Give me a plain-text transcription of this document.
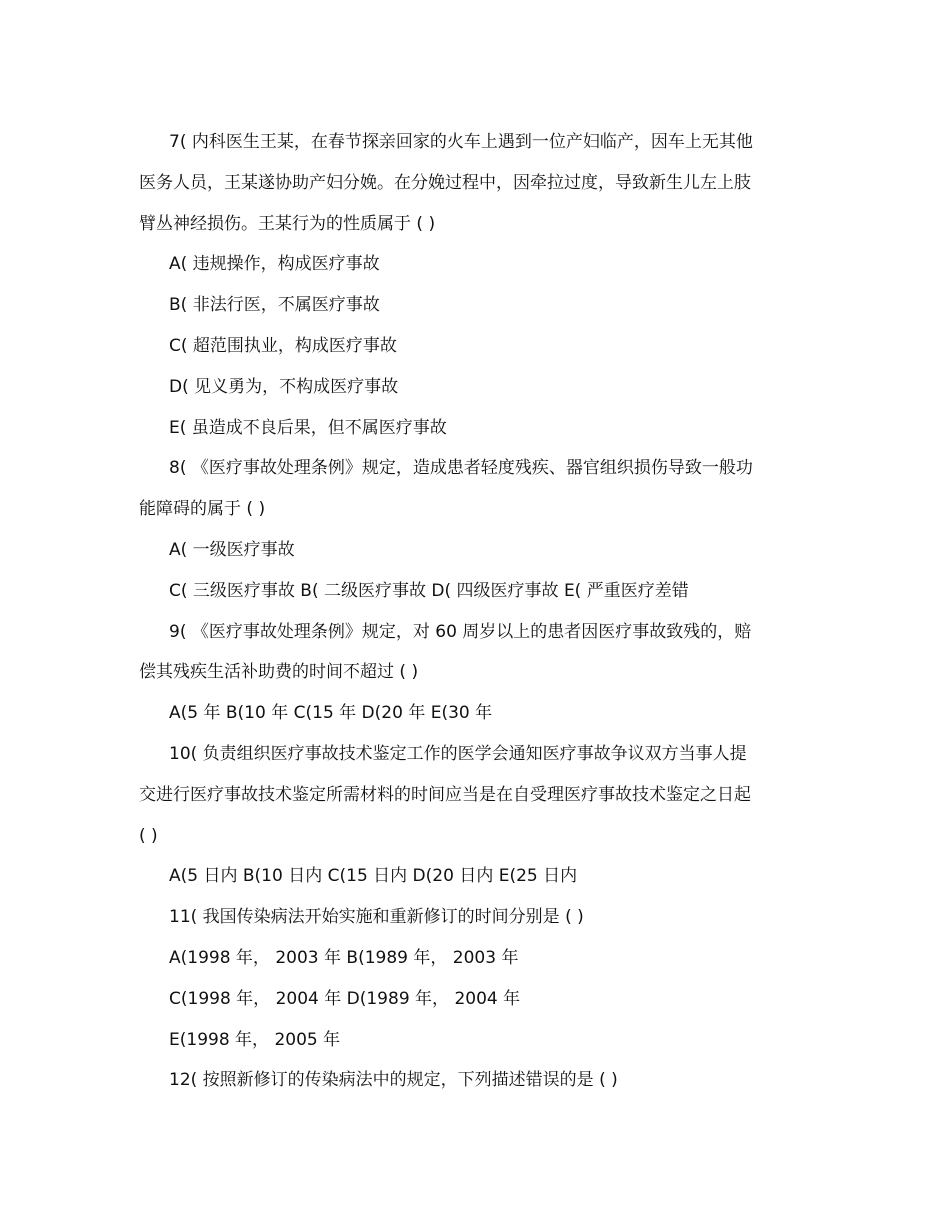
7( 内科医生王某，在春节探亲回家的火车上遇到一位产妇临产，因车上无其他
医务人员，王某遂协助产妇分娩。在分娩过程中，因牵拉过度，导致新生儿左上肢
臂丛神经损伤。王某行为的性质属于 ( )
A( 违规操作，构成医疗事故
B( 非法行医，不属医疗事故
C( 超范围执业，构成医疗事故
D( 见义勇为，不构成医疗事故
E( 虽造成不良后果，但不属医疗事故
8( 《医疗事故处理条例》规定，造成患者轻度残疾、器官组织损伤导致一般功
能障碍的属于 ( )
A( 一级医疗事故
C( 三级医疗事故 B( 二级医疗事故 D( 四级医疗事故 E( 严重医疗差错
9( 《医疗事故处理条例》规定，对 60 周岁以上的患者因医疗事故致残的，赔
偿其残疾生活补助费的时间不超过 ( )
A(5 年 B(10 年 C(15 年 D(20 年 E(30 年
10( 负责组织医疗事故技术鉴定工作的医学会通知医疗事故争议双方当事人提
交进行医疗事故技术鉴定所需材料的时间应当是在自受理医疗事故技术鉴定之日起
( )
A(5 日内 B(10 日内 C(15 日内 D(20 日内 E(25 日内
11( 我国传染病法开始实施和重新修订的时间分别是 ( )
A(1998 年， 2003 年 B(1989 年， 2003 年
C(1998 年， 2004 年 D(1989 年， 2004 年
E(1998 年， 2005 年
12( 按照新修订的传染病法中的规定，下列描述错误的是 ( )
